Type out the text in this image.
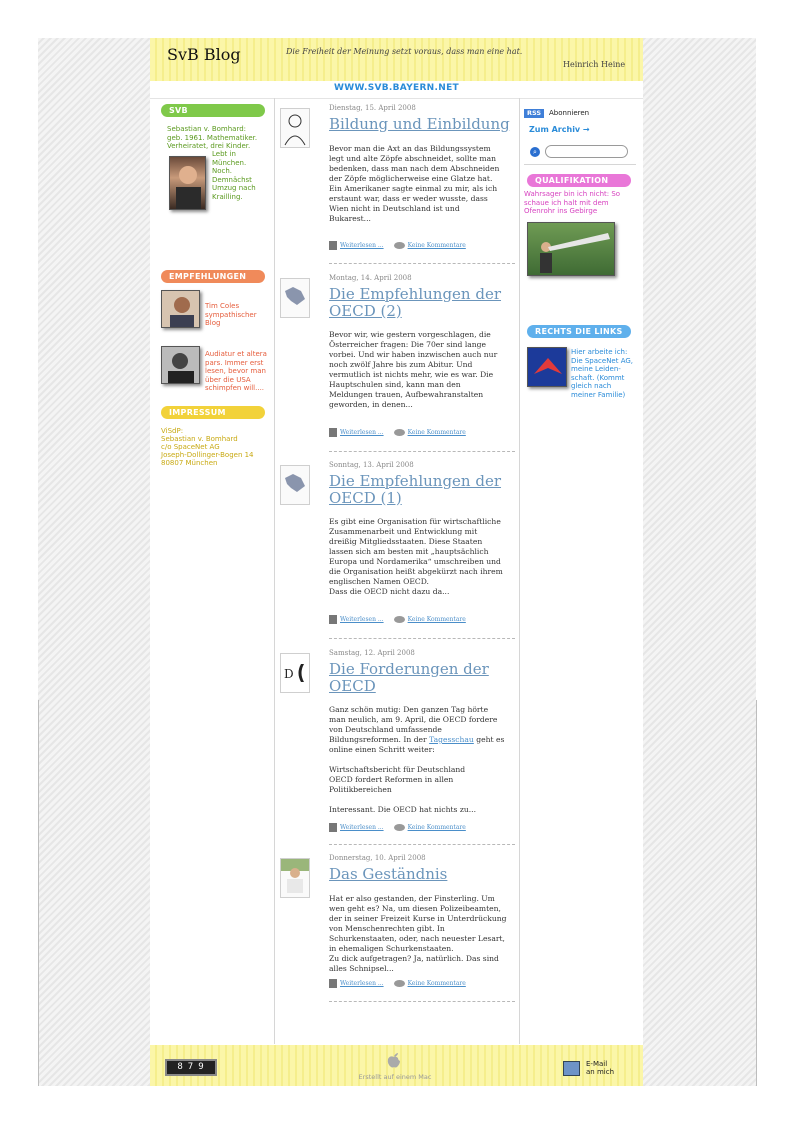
SvB Blog	Die Freiheit der Meinung setzt voraus, dass man eine hat.
Heinrich Heine
WWW.SVB.BAYERN.NET
SVB
Sebastian v. Bomhard:
geb. 1961. Mathematiker.
Verheiratet, drei Kinder.
Lebt in
München.
Noch.
Demnächst
Umzug nach
Krailling.
EMPFEHLUNGEN
Tim Coles
sympathischer
Blog
Audiatur et altera
pars. Immer erst
lesen, bevor man
über die USA
schimpfen will....
IMPRESSUM
ViSdP:
Sebastian v. Bomhard
c/o SpaceNet AG
Joseph-Dollinger-Bogen 14
80807 München
Dienstag, 15. April 2008
Bildung und Einbildung
Bevor man die Axt an das Bildungssystem
legt und alte Zöpfe abschneidet, sollte man
bedenken, dass man nach dem Abschneiden
der Zöpfe möglicherweise eine Glatze hat.
Ein Amerikaner sagte einmal zu mir, als ich
erstaunt war, dass er weder wusste, dass
Wien nicht in Deutschland ist und
Bukarest...
Weiterlesen ...	Keine Kommentare
Montag, 14. April 2008
Die Empfehlungen der
OECD (2)
Bevor wir, wie gestern vorgeschlagen, die
Österreicher fragen: Die 70er sind lange
vorbei. Und wir haben inzwischen auch nur
noch zwölf Jahre bis zum Abitur. Und
vermutlich ist nichts mehr, wie es war. Die
Hauptschulen sind, kann man den
Meldungen trauen, Aufbewahranstalten
geworden, in denen...
Weiterlesen ...	Keine Kommentare
Sonntag, 13. April 2008
Die Empfehlungen der
OECD (1)
Es gibt eine Organisation für wirtschaftliche
Zusammenarbeit und Entwicklung mit
dreißig Mitgliedsstaaten. Diese Staaten
lassen sich am besten mit „hauptsächlich
Europa und Nordamerika“ umschreiben und
die Organisation heißt abgekürzt nach ihrem
englischen Namen OECD.
Dass die OECD nicht dazu da...
Weiterlesen ...	Keine Kommentare
D
Samstag, 12. April 2008
Die Forderungen der
OECD
Ganz schön mutig: Den ganzen Tag hörte
man neulich, am 9. April, die OECD fordere
von Deutschland umfassende
Bildungsreformen. In der Tagesschau geht es
online einen Schritt weiter:
Wirtschaftsbericht für Deutschland
OECD fordert Reformen in allen
Politikbereichen
Interessant. Die OECD hat nichts zu...
Weiterlesen ...	Keine Kommentare
Donnerstag, 10. April 2008
Das Geständnis
Hat er also gestanden, der Finsterling. Um
wen geht es? Na, um diesen Polizeibeamten,
der in seiner Freizeit Kurse in Unterdrückung
von Menschenrechten gibt. In
Schurkenstaaten, oder, nach neuester Lesart,
in ehemaligen Schurkenstaaten.
Zu dick aufgetragen? Ja, natürlich. Das sind
alles Schnipsel...
Weiterlesen ...	Keine Kommentare
RSS	Abonnieren
Zum Archiv →
⌕
QUALIFIKATION
Wahrsager bin ich nicht: So
schaue ich halt mit dem
Ofenrohr ins Gebirge
RECHTS DIE LINKS
Hier arbeite ich:
Die SpaceNet AG,
meine Leiden-
schaft. (Kommt
gleich nach
meiner Familie)
879
Erstellt auf einem Mac
E-Mail
an mich
